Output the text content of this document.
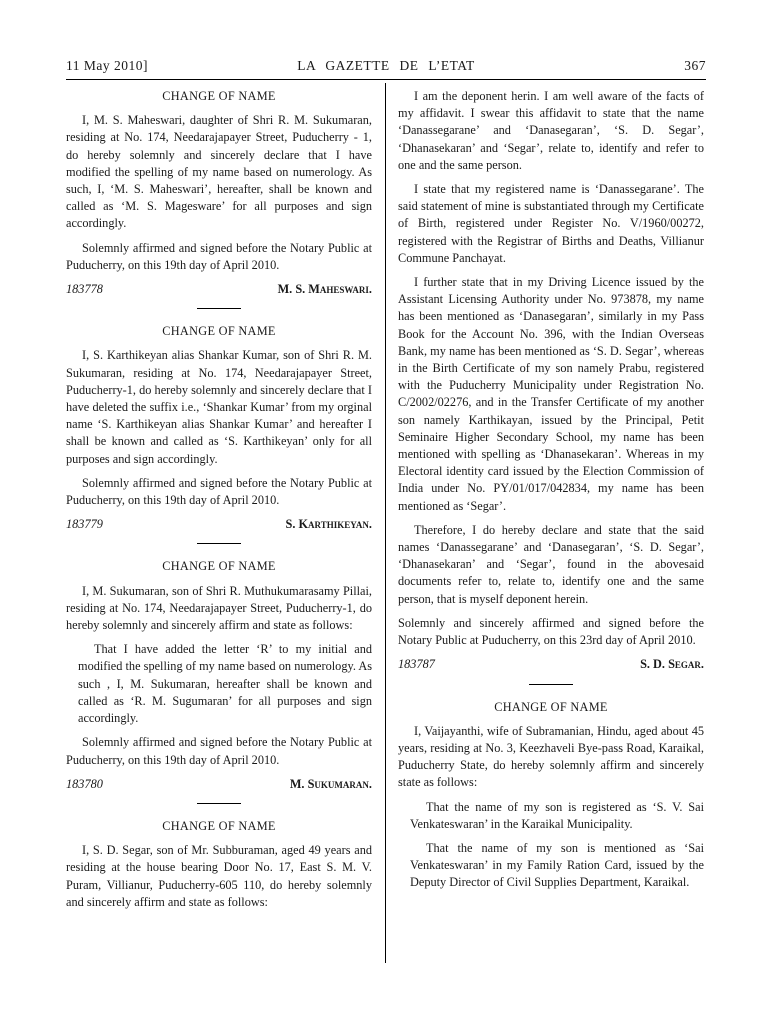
11 May 2010]	LA GAZETTE DE L’ETAT	367
CHANGE OF NAME

I, M. S. Maheswari, daughter of Shri R. M. Sukumaran, residing at No. 174, Needarajapayer Street, Puducherry - 1, do hereby solemnly and sincerely declare that I have modified the spelling of my name based on numerology. As such, I, ‘M. S. Maheswari’, hereafter, shall be known and called as ‘M. S. Mageswarе’ for all purposes and sign accordingly.

Solemnly affirmed and signed before the Notary Public at Puducherry, on this 19th day of April 2010.

183778	M. S. Maheswari.
CHANGE OF NAME

I, S. Karthikeyan alias Shankar Kumar, son of Shri R. M. Sukumaran, residing at No. 174, Needarajapayer Street, Puducherry-1, do hereby solemnly and sincerely declare that I have deleted the suffix i.e., ‘Shankar Kumar’ from my orginal name ‘S. Karthikeyan alias Shankar Kumar’ and hereafter I shall be known and called as ‘S. Karthikeyan’ only for all purposes and sign accordingly.

Solemnly affirmed and signed before the Notary Public at Puducherry, on this 19th day of April 2010.

183779	S. Karthikeyan.
CHANGE OF NAME

I, M. Sukumaran, son of Shri R. Muthukumarasamy Pillai, residing at No. 174, Needarajapayer Street, Puducherry-1, do hereby solemnly and sincerely affirm and state as follows:

That I have added the letter ‘R’ to my initial and modified the spelling of my name based on numerology. As such , I, M. Sukumaran, hereafter shall be known and called as ‘R. M. Sugumaran’ for all purposes and sign accordingly.

Solemnly affirmed and signed before the Notary Public at Puducherry, on this 19th day of April 2010.

183780	M. Sukumaran.
CHANGE OF NAME

I, S. D. Segar, son of Mr. Subburaman, aged 49 years and residing at the house bearing Door No. 17, East S. M. V. Puram, Villianur, Puducherry-605 110, do hereby solemnly and sincerely affirm and state as follows:

I am the deponent herin. I am well aware of the facts of my affidavit. I swear this affidavit to state that the name ‘Danassegarane’ and ‘Danasegaran’, ‘S. D. Segar’, ‘Dhanasekaran’ and ‘Segar’, relate to, identify and refer to one and the same person.

I state that my registered name is ‘Danassegarane’. The said statement of mine is substantiated through my Certificate of Birth, registered under Register No. V/1960/00272, registered with the Registrar of Births and Deaths, Villianur Commune Panchayat.

I further state that in my Driving Licence issued by the Assistant Licensing Authority under No. 973878, my name has been mentioned as ‘Danasegaran’, similarly in my Pass Book for the Account No. 396, with the Indian Overseas Bank, my name has been mentioned as ‘S. D. Segar’, whereas in the Birth Certificate of my son namely Prabu, registered with the Puducherry Municipality under Registration No. C/2002/02276, and in the Transfer Certificate of my another son namely Karthikayan, issued by the Principal, Petit Seminaire Higher Secondary School, my name has been mentioned with spelling as ‘Dhanasekaran’. Whereas in my Electoral identity card issued by the Election Commission of India under No. PY/01/017/042834, my name has been mentioned as ‘Segar’.

Therefore, I do hereby declare and state that the said names ‘Danassegarane’ and ‘Danasegaran’, ‘S. D. Segar’, ‘Dhanasekaran’ and ‘Segar’, found in the abovesaid documents refer to, relate to, identify one and the same person, that is myself deponent herein.

Solemnly and sincerely affirmed and signed before the Notary Public at Puducherry, on this 23rd day of April 2010.

183787	S. D. Segar.
CHANGE OF NAME

I, Vaijayanthi, wife of Subramanian, Hindu, aged about 45 years, residing at No. 3, Keezhaveli Bye-pass Road, Karaikal, Puducherry State, do hereby solemnly affirm and sincerely state as follows:

That the name of my son is registered as ‘S. V. Sai Venkateswaran’ in the Karaikal Municipality.

That the name of my son is mentioned as ‘Sai Venkateswaran’ in my Family Ration Card, issued by the Deputy Director of Civil Supplies Department, Karaikal.
